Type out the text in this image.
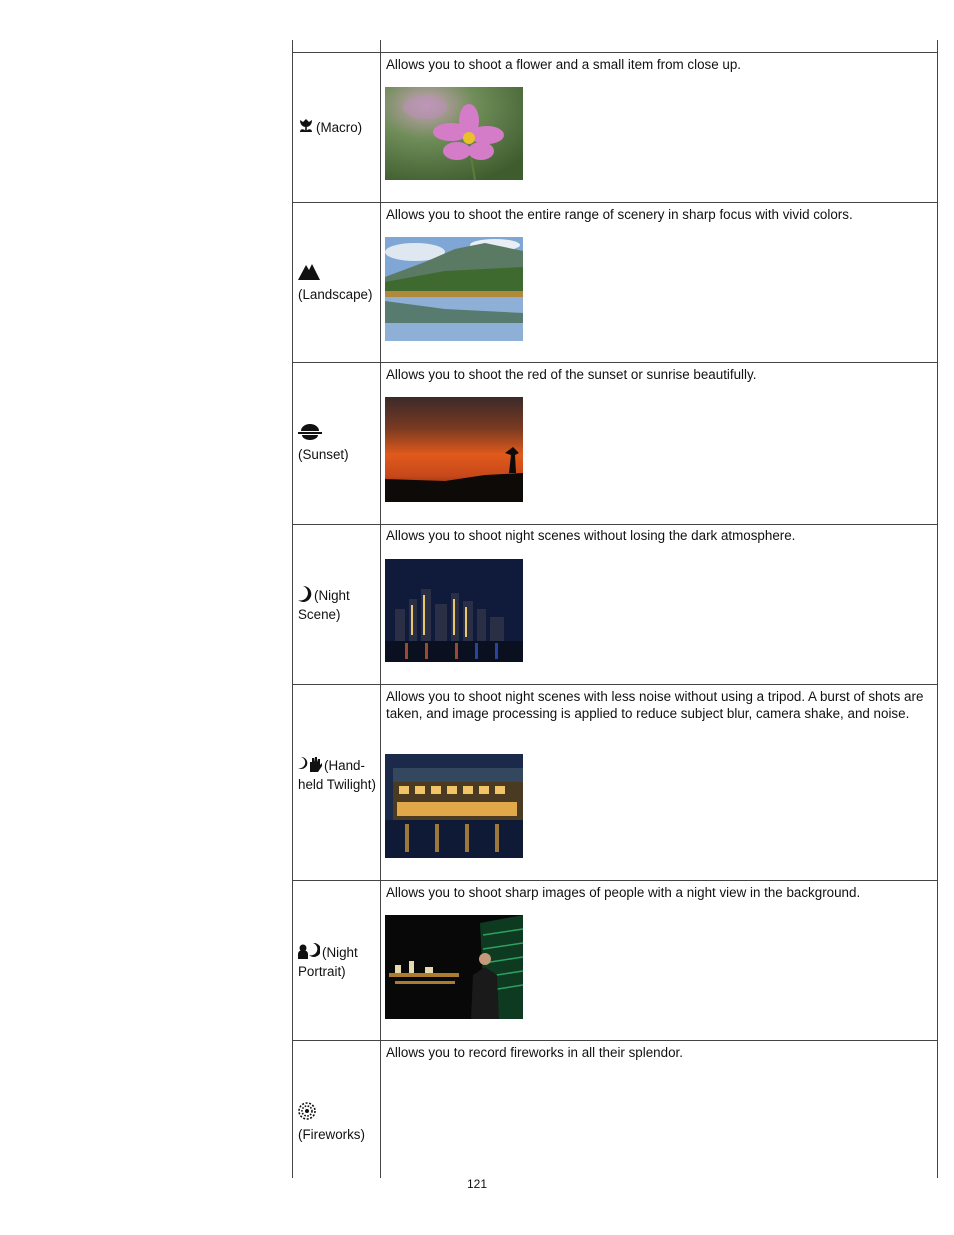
(Macro)
Allows you to shoot a flower and a small item from close up.
(Landscape)
Allows you to shoot the entire range of scenery in sharp focus with vivid colors.
(Sunset)
Allows you to shoot the red of the sunset or sunrise beautifully.
(Night Scene)
Allows you to shoot night scenes without losing the dark atmosphere.
(Hand-held Twilight)
Allows you to shoot night scenes with less noise without using a tripod. A burst of shots are taken, and image processing is applied to reduce subject blur, camera shake, and noise.
(Night Portrait)
Allows you to shoot sharp images of people with a night view in the background.
(Fireworks)
Allows you to record fireworks in all their splendor.
121
